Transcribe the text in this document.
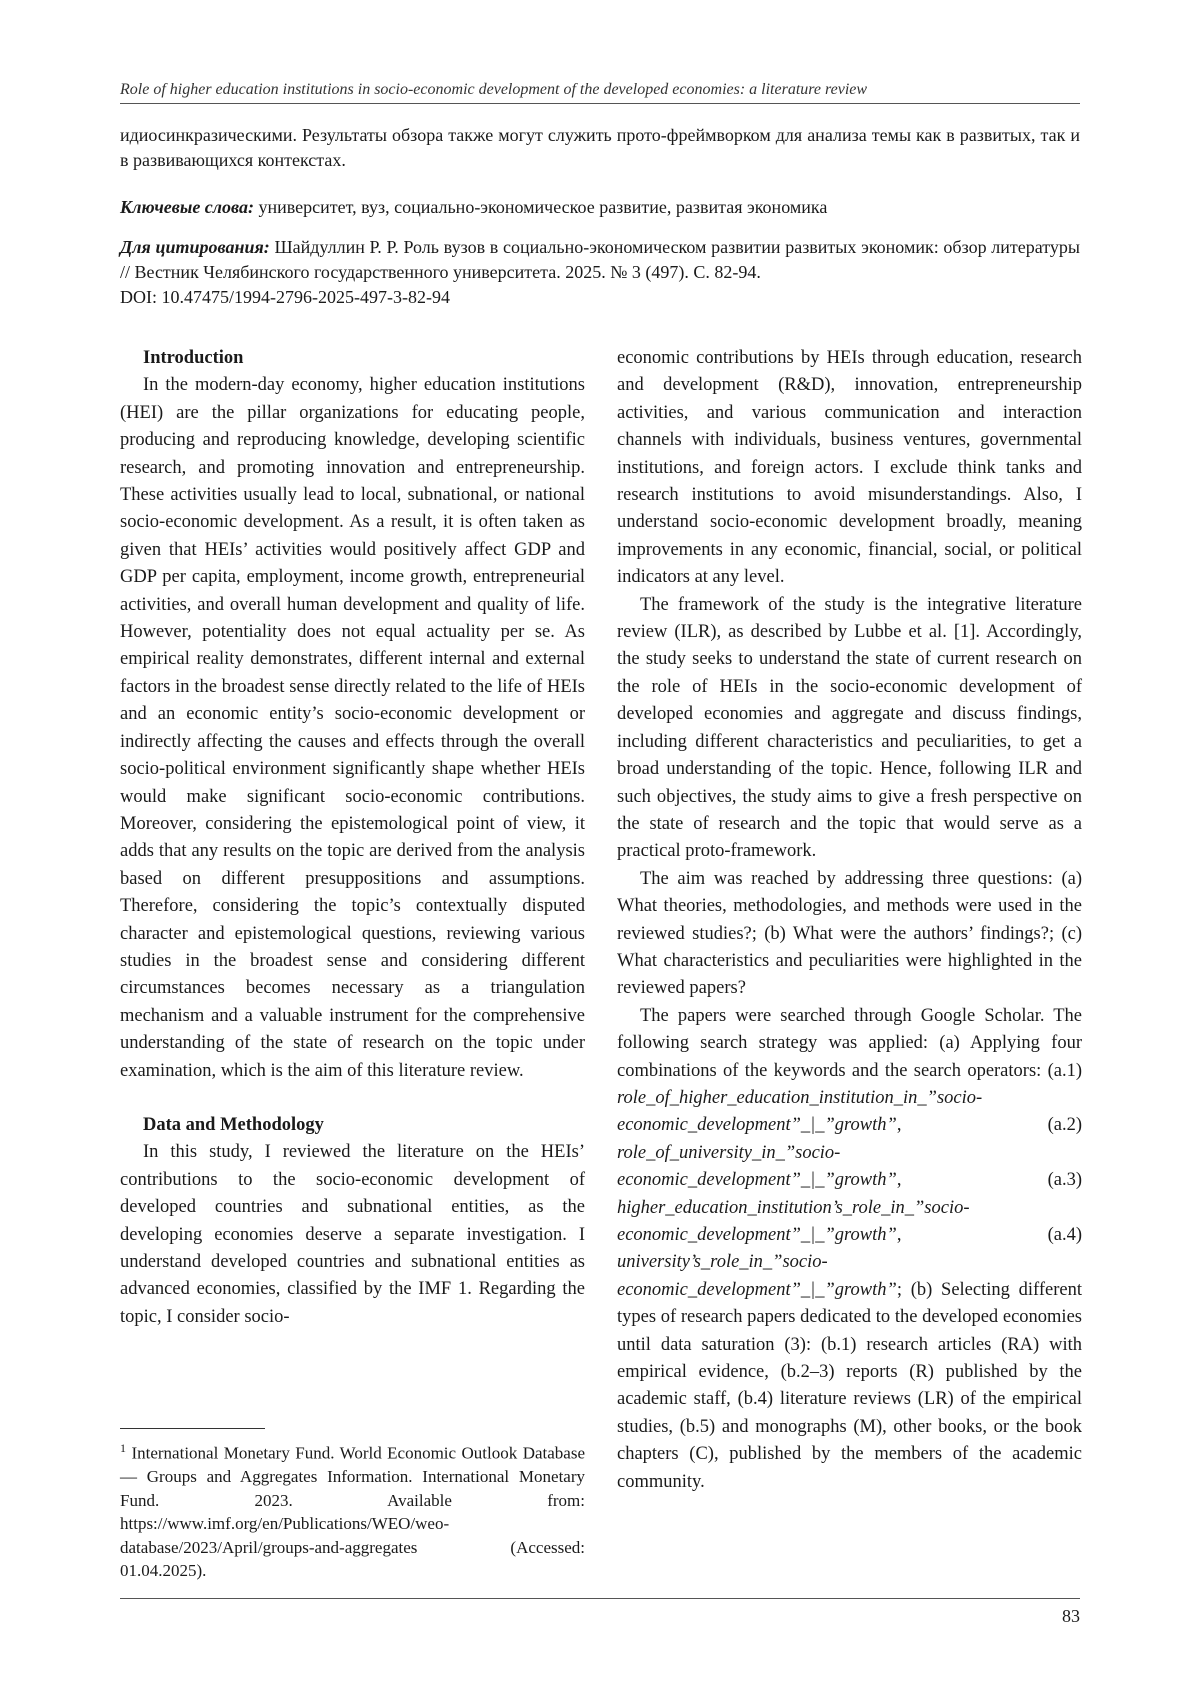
Role of higher education institutions in socio-economic development of the developed economies: a literature review
идиосинкразическими. Результаты обзора также могут служить прото-фреймворком для анализа темы как в развитых, так и в развивающихся контекстах.
Ключевые слова: университет, вуз, социально-экономическое развитие, развитая экономика
Для цитирования: Шайдуллин Р. Р. Роль вузов в социально-экономическом развитии развитых экономик: обзор литературы // Вестник Челябинского государственного университета. 2025. № 3 (497). С. 82-94.
DOI: 10.47475/1994-2796-2025-497-3-82-94
Introduction

In the modern-day economy, higher education institutions (HEI) are the pillar organizations for educating people, producing and reproducing knowledge, developing scientific research, and promoting innovation and entrepreneurship. These activities usually lead to local, subnational, or national socio-economic development. As a result, it is often taken as given that HEIs’ activities would positively affect GDP and GDP per capita, employment, income growth, entrepreneurial activities, and overall human development and quality of life. However, potentiality does not equal actuality per se. As empirical reality demonstrates, different internal and external factors in the broadest sense directly related to the life of HEIs and an economic entity’s socio-economic development or indirectly affecting the causes and effects through the overall socio-political environment significantly shape whether HEIs would make significant socio-economic contributions. Moreover, considering the epistemological point of view, it adds that any results on the topic are derived from the analysis based on different presuppositions and assumptions. Therefore, considering the topic’s contextually disputed character and epistemological questions, reviewing various studies in the broadest sense and considering different circumstances becomes necessary as a triangulation mechanism and a valuable instrument for the comprehensive understanding of the state of research on the topic under examination, which is the aim of this literature review.

Data and Methodology

In this study, I reviewed the literature on the HEIs’ contributions to the socio-economic development of developed countries and subnational entities, as the developing economies deserve a separate investigation. I understand developed countries and subnational entities as advanced economies, classified by the IMF 1. Regarding the topic, I consider socio-

economic contributions by HEIs through education, research and development (R&D), innovation, entrepreneurship activities, and various communication and interaction channels with individuals, business ventures, governmental institutions, and foreign actors. I exclude think tanks and research institutions to avoid misunderstandings. Also, I understand socio-economic development broadly, meaning improvements in any economic, financial, social, or political indicators at any level.

The framework of the study is the integrative literature review (ILR), as described by Lubbe et al. [1]. Accordingly, the study seeks to understand the state of current research on the role of HEIs in the socio-economic development of developed economies and aggregate and discuss findings, including different characteristics and peculiarities, to get a broad understanding of the topic. Hence, following ILR and such objectives, the study aims to give a fresh perspective on the state of research and the topic that would serve as a practical proto-framework.

The aim was reached by addressing three questions: (a) What theories, methodologies, and methods were used in the reviewed studies?; (b) What were the authors’ findings?; (c) What characteristics and peculiarities were highlighted in the reviewed papers?

The papers were searched through Google Scholar. The following search strategy was applied: (a) Applying four combinations of the keywords and the search operators: (a.1) role_of_higher_education_institution_in_”socio-economic_development”_|_”growth”, (a.2) role_of_university_in_”socio-economic_development”_|_”growth”, (a.3) higher_education_institution’s_role_in_”socio-economic_development”_|_”growth”, (a.4) university’s_role_in_”socio-economic_development”_|_”growth”; (b) Selecting different types of research papers dedicated to the developed economies until data saturation (3): (b.1) research articles (RA) with empirical evidence, (b.2–3) reports (R) published by the academic staff, (b.4) literature reviews (LR) of the empirical studies, (b.5) and monographs (M), other books, or the book chapters (C), published by the members of the academic community.

$^1$ International Monetary Fund. World Economic Outlook Database — Groups and Aggregates Information. International Monetary Fund. 2023. Available from: https://www.imf.org/en/Publications/WEO/weo-database/2023/April/groups-and-aggregates (Accessed: 01.04.2025).
83
